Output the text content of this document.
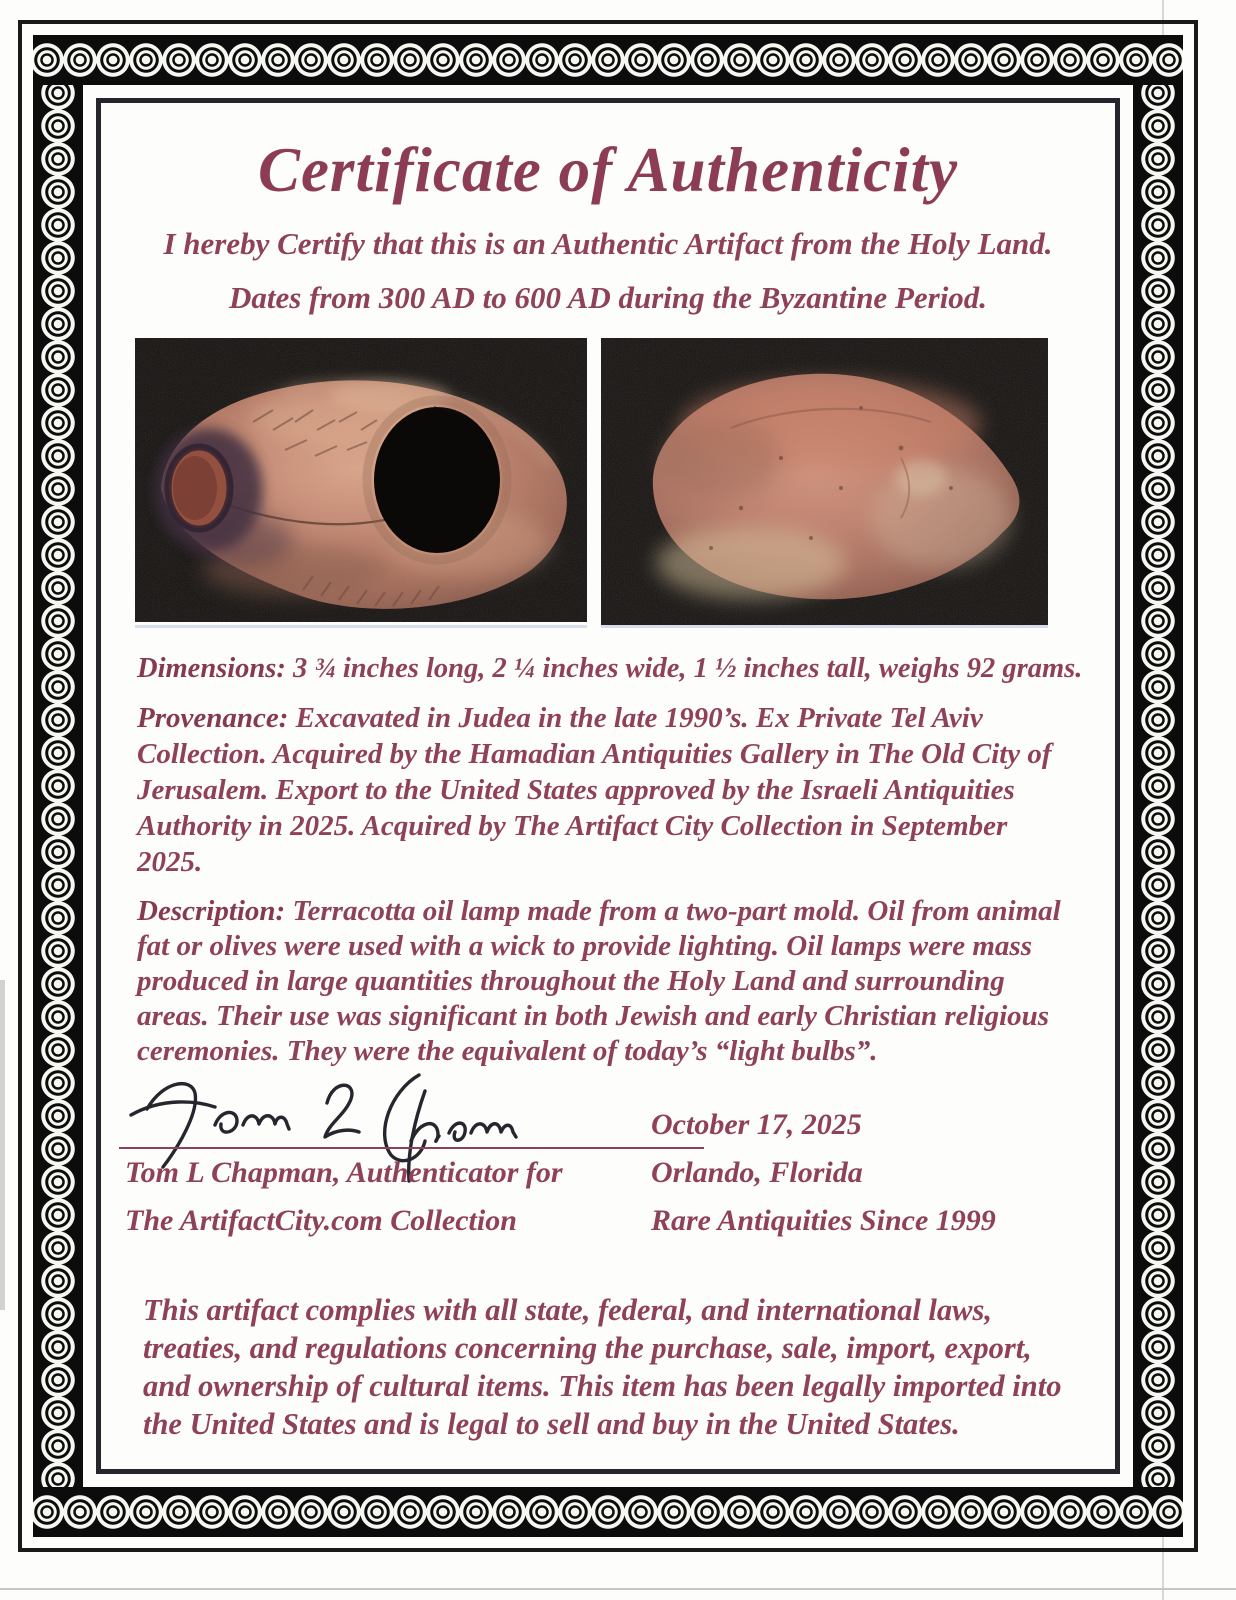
Certificate of Authenticity

I hereby Certify that this is an Authentic Artifact from the Holy Land.

Dates from 300 AD to 600 AD during the Byzantine Period.

Dimensions: 3 ¾ inches long, 2 ¼ inches wide, 1 ½ inches tall, weighs 92 grams.

Provenance: Excavated in Judea in the late 1990’s. Ex Private Tel Aviv Collection. Acquired by the Hamadian Antiquities Gallery in The Old City of Jerusalem. Export to the United States approved by the Israeli Antiquities Authority in 2025. Acquired by The Artifact City Collection in September 2025.

Description: Terracotta oil lamp made from a two-part mold. Oil from animal fat or olives were used with a wick to provide lighting. Oil lamps were mass produced in large quantities throughout the Holy Land and surrounding areas. Their use was significant in both Jewish and early Christian religious ceremonies. They were the equivalent of today’s “light bulbs”.

October 17, 2025
Tom L Chapman, Authenticator for	Orlando, Florida
The ArtifactCity.com Collection	Rare Antiquities Since 1999

This artifact complies with all state, federal, and international laws, treaties, and regulations concerning the purchase, sale, import, export, and ownership of cultural items. This item has been legally imported into the United States and is legal to sell and buy in the United States.
